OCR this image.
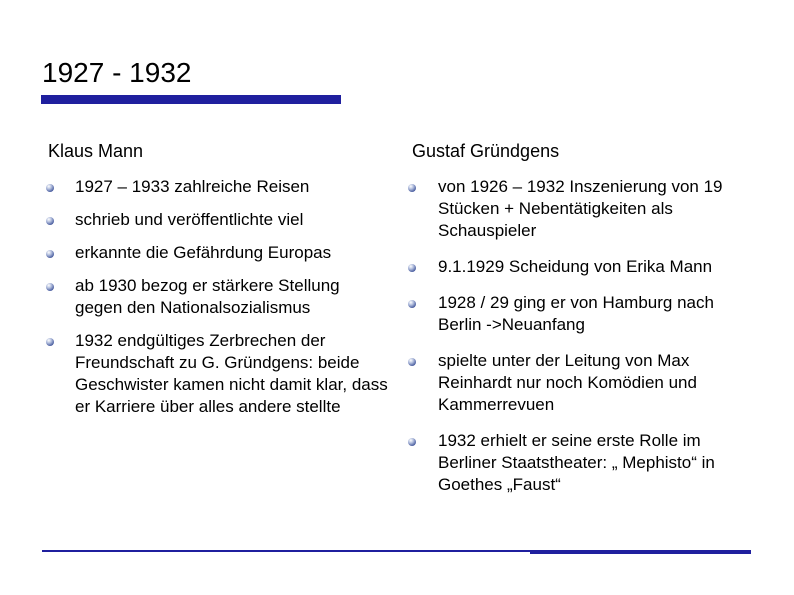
1927 - 1932
Klaus Mann
1927 – 1933 zahlreiche Reisen
schrieb und veröffentlichte viel
erkannte die Gefährdung Europas
ab 1930 bezog er stärkere Stellung gegen den Nationalsozialismus
1932 endgültiges Zerbrechen der Freundschaft zu G. Gründgens: beide Geschwister kamen nicht damit klar, dass er Karriere über alles andere stellte
Gustaf Gründgens
von 1926 – 1932 Inszenierung von 19 Stücken + Nebentätigkeiten als Schauspieler
9.1.1929 Scheidung von Erika Mann
1928 / 29 ging er von Hamburg nach Berlin ->Neuanfang
spielte unter der Leitung von Max Reinhardt nur noch Komödien und Kammerrevuen
1932 erhielt er seine erste Rolle im Berliner Staatstheater: „ Mephisto“ in Goethes „Faust“
